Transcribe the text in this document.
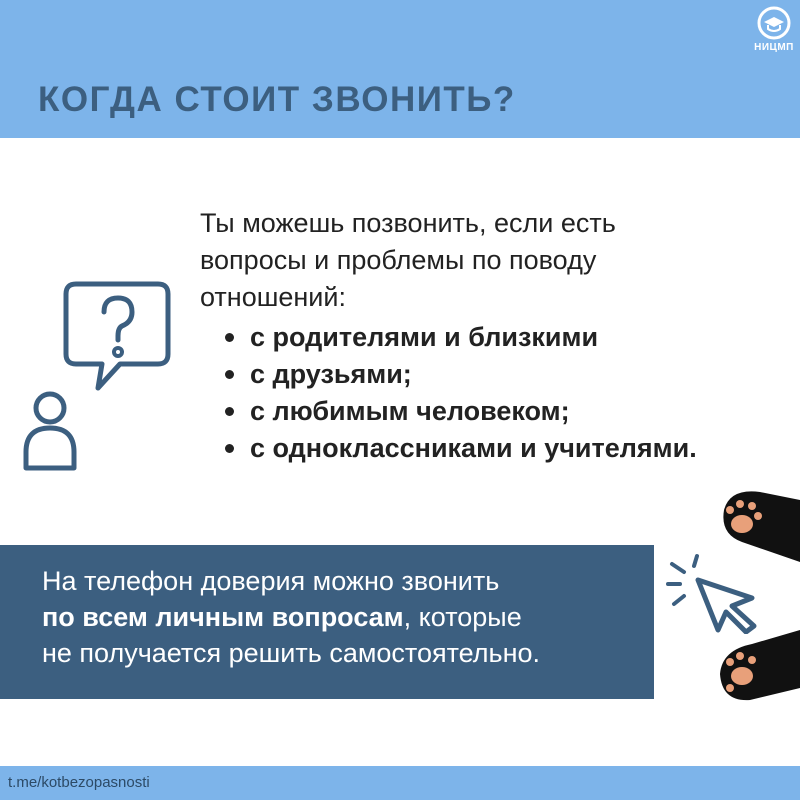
НИЦМП
КОГДА СТОИТ ЗВОНИТЬ?
Ты можешь позвонить, если есть
вопросы и проблемы по поводу
отношений:
с родителями и близкими
с друзьями;
с любимым человеком;
с одноклассниками и учителями.
На телефон доверия можно звонить
по всем личным вопросам, которые
не получается решить самостоятельно.
t.me/kotbezopasnosti
